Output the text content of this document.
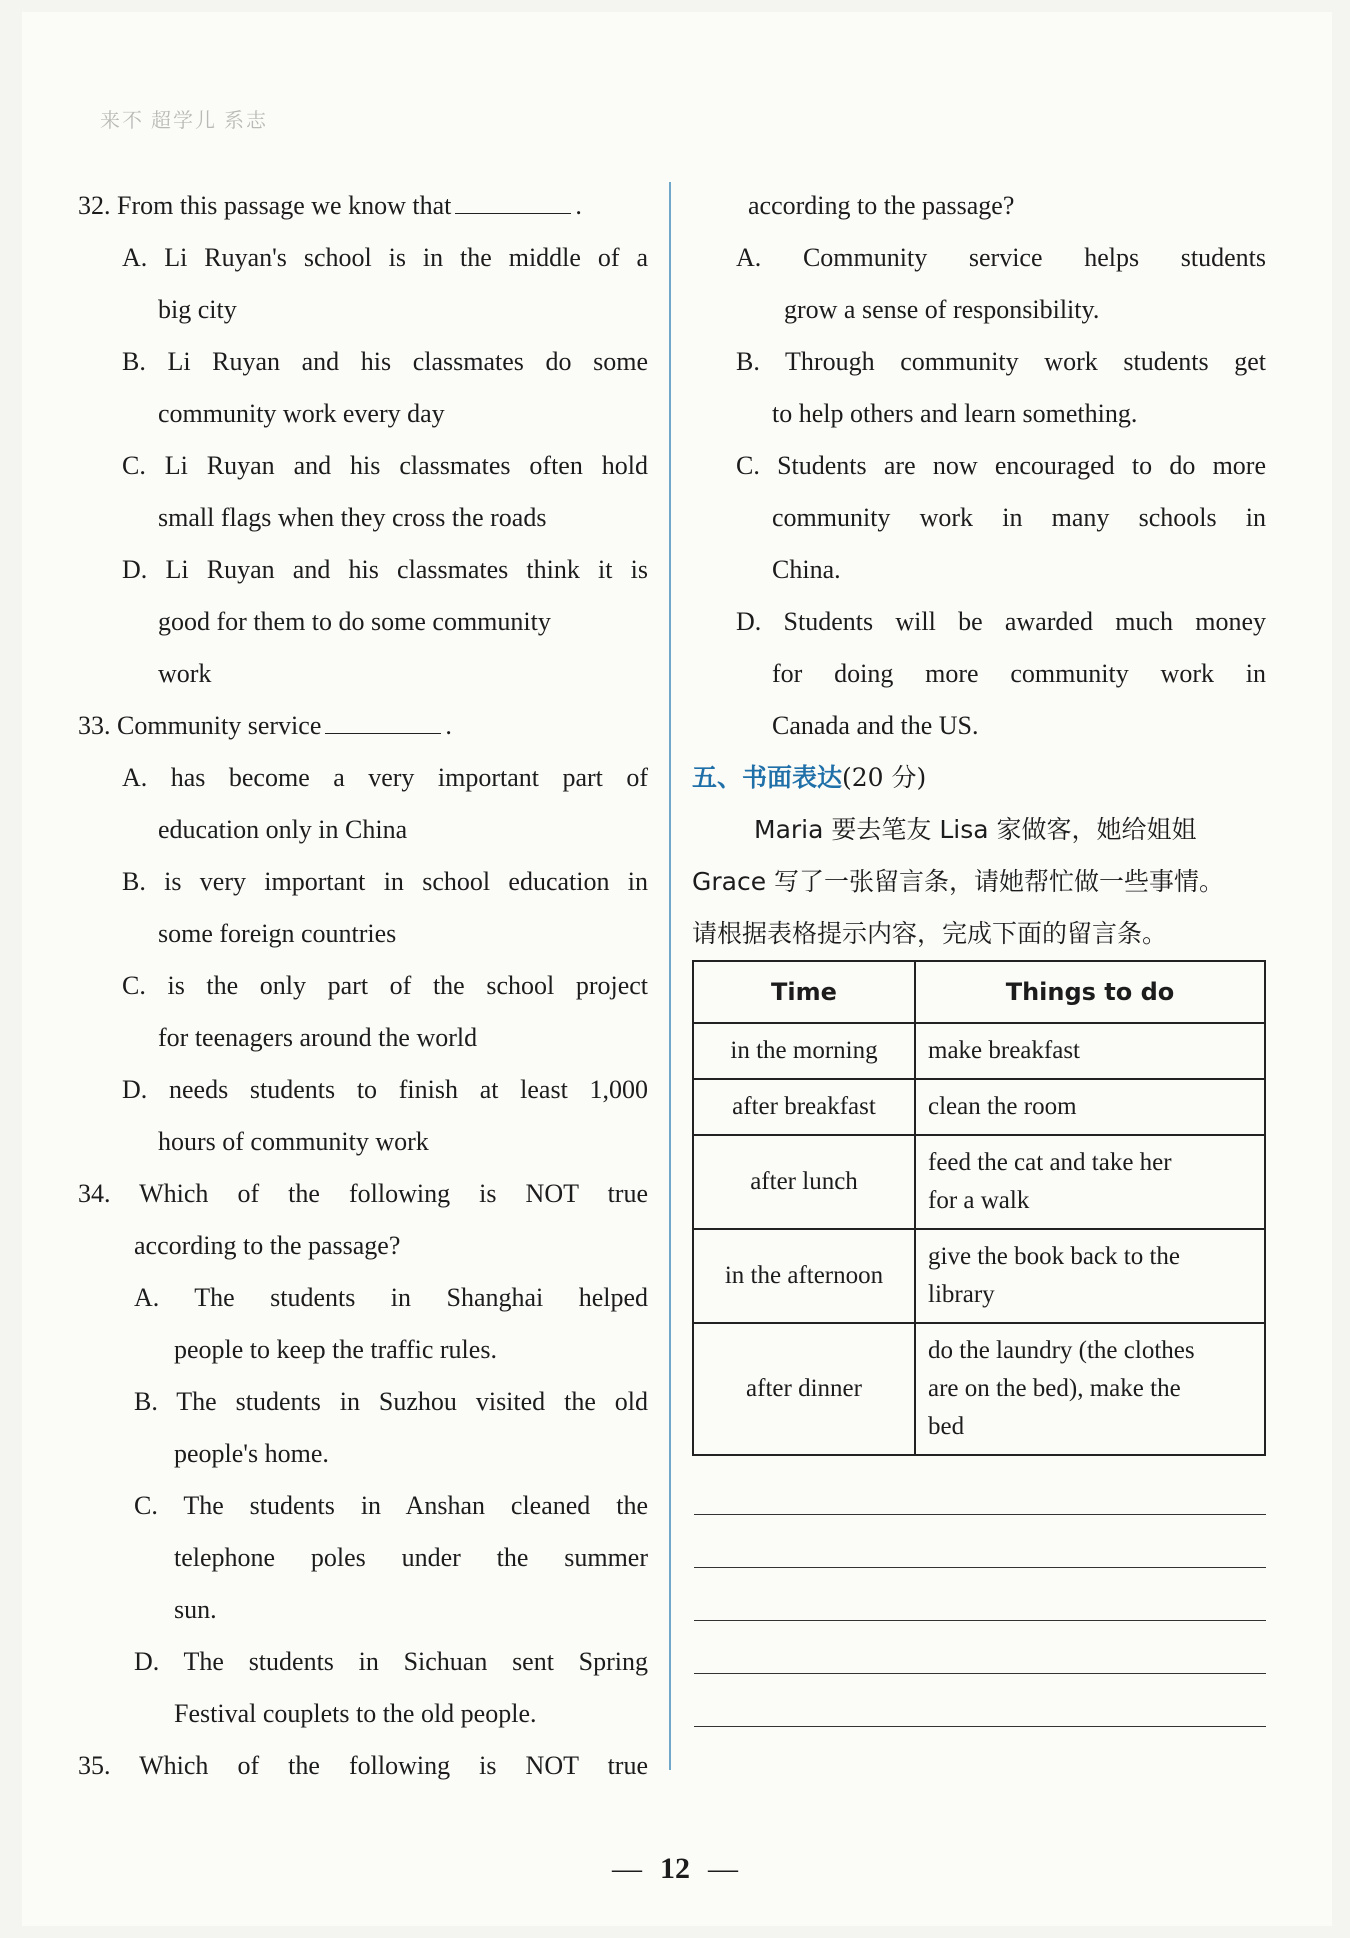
来不 超学儿 系志
32. From this passage we know that	.
A. Li Ruyan's school is in the middle of a
big city
B. Li Ruyan and his classmates do some
community work every day
C. Li Ruyan and his classmates often hold
small flags when they cross the roads
D. Li Ruyan and his classmates think it is
good for them to do some community
work
33. Community service	.
A. has become a very important part of
education only in China
B. is very important in school education in
some foreign countries
C. is the only part of the school project
for teenagers around the world
D. needs students to finish at least 1,000
hours of community work
34. Which of the following is NOT true
according to the passage?
A. The students in Shanghai helped
people to keep the traffic rules.
B. The students in Suzhou visited the old
people's home.
C. The students in Anshan cleaned the
telephone poles under the summer
sun.
D. The students in Sichuan sent Spring
Festival couplets to the old people.
35. Which of the following is NOT true
according to the passage?
A. Community service helps students
grow a sense of responsibility.
B. Through community work students get
to help others and learn something.
C. Students are now encouraged to do more
community work in many schools in
China.
D. Students will be awarded much money
for doing more community work in
Canada and the US.
五、书面表达(20 分)
Maria 要去笔友 Lisa 家做客，她给姐姐
Grace 写了一张留言条，请她帮忙做一些事情。
请根据表格提示内容，完成下面的留言条。
Time	Things to do
in the morning	make breakfast
after breakfast	clean the room
after lunch	feed the cat and take her
for a walk

in the afternoon	give the book back to the
library

after dinner	do the laundry (the clothes
are on the bed), make the
bed
— 12 —
